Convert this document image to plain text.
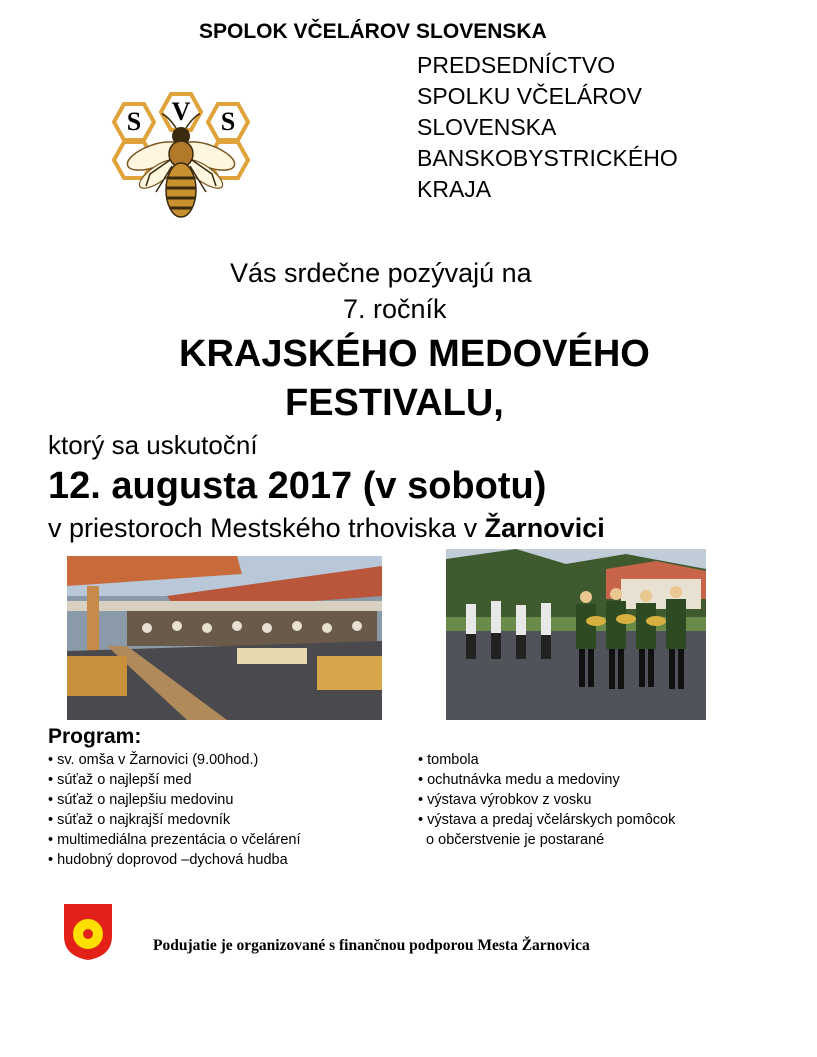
SPOLOK VČELÁROV SLOVENSKA
PREDSEDNÍCTVO
SPOLKU VČELÁROV
SLOVENSKA
BANSKOBYSTRICKÉHO
KRAJA
S V S
Vás srdečne pozývajú na
7. ročník
KRAJSKÉHO MEDOVÉHO
FESTIVALU,
ktorý sa uskutoční
12. augusta 2017 (v sobotu)
v priestoroch Mestského trhoviska v Žarnovici
Program:
• sv. omša v Žarnovici (9.00hod.)
• súťaž o najlepší med
• súťaž o najlepšiu medovinu
• súťaž o najkrajší medovník
• multimediálna prezentácia o včelárení
• hudobný doprovod –dychová hudba
• tombola
• ochutnávka medu a medoviny
• výstava výrobkov z vosku
• výstava a predaj včelárskych pomôcok
o občerstvenie je postarané
Podujatie je organizované s finančnou podporou Mesta Žarnovica
